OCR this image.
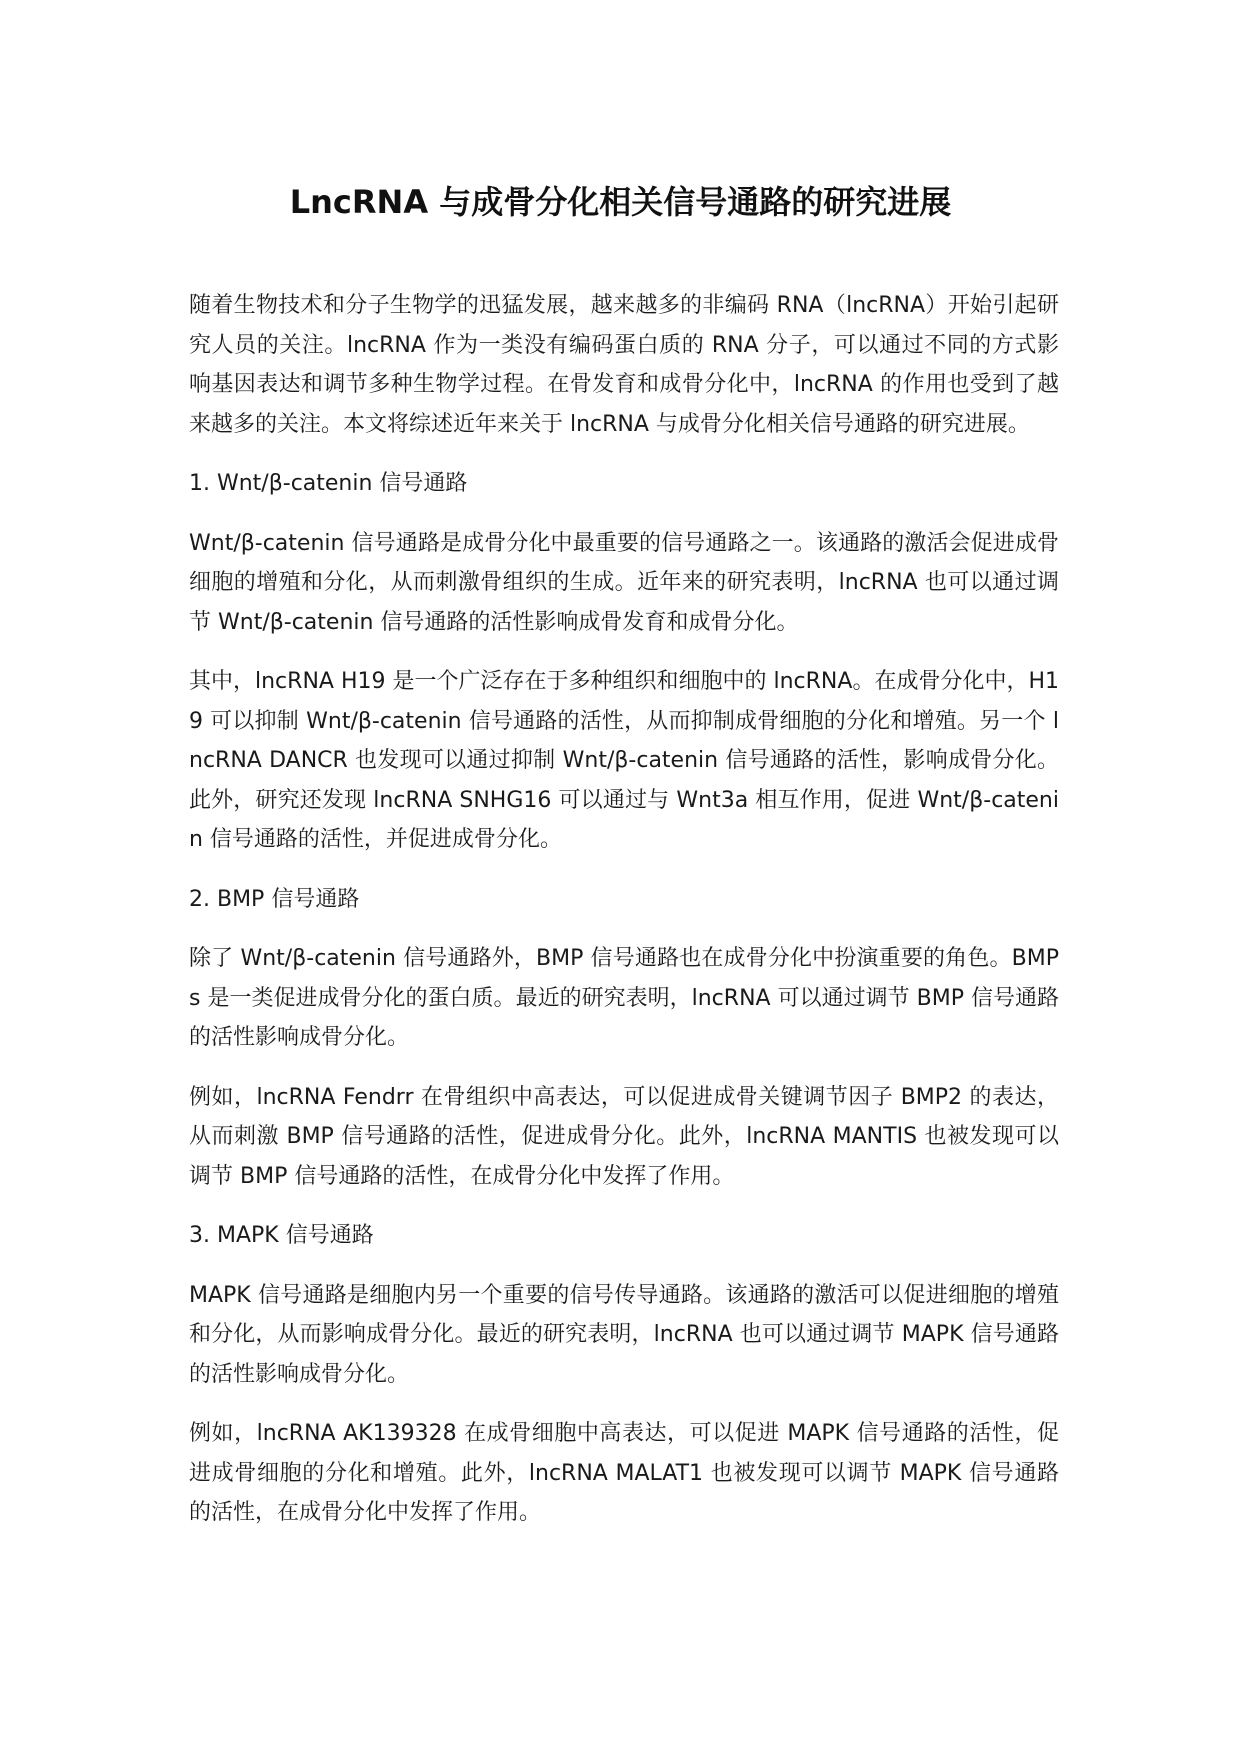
LncRNA 与成骨分化相关信号通路的研究进展

随着生物技术和分子生物学的迅猛发展，越来越多的非编码 RNA（lncRNA）开始引起研究人员的关注。lncRNA 作为一类没有编码蛋白质的 RNA 分子，可以通过不同的方式影响基因表达和调节多种生物学过程。在骨发育和成骨分化中，lncRNA 的作用也受到了越来越多的关注。本文将综述近年来关于 lncRNA 与成骨分化相关信号通路的研究进展。

1. Wnt/β-catenin 信号通路

Wnt/β-catenin 信号通路是成骨分化中最重要的信号通路之一。该通路的激活会促进成骨细胞的增殖和分化，从而刺激骨组织的生成。近年来的研究表明，lncRNA 也可以通过调节 Wnt/β-catenin 信号通路的活性影响成骨发育和成骨分化。

其中，lncRNA H19 是一个广泛存在于多种组织和细胞中的 lncRNA。在成骨分化中，H19 可以抑制 Wnt/β-catenin 信号通路的活性，从而抑制成骨细胞的分化和增殖。另一个 lncRNA DANCR 也发现可以通过抑制 Wnt/β-catenin 信号通路的活性，影响成骨分化。此外，研究还发现 lncRNA SNHG16 可以通过与 Wnt3a 相互作用，促进 Wnt/β-catenin 信号通路的活性，并促进成骨分化。

2. BMP 信号通路

除了 Wnt/β-catenin 信号通路外，BMP 信号通路也在成骨分化中扮演重要的角色。BMPs 是一类促进成骨分化的蛋白质。最近的研究表明，lncRNA 可以通过调节 BMP 信号通路的活性影响成骨分化。

例如，lncRNA Fendrr 在骨组织中高表达，可以促进成骨关键调节因子 BMP2 的表达，从而刺激 BMP 信号通路的活性，促进成骨分化。此外，lncRNA MANTIS 也被发现可以调节 BMP 信号通路的活性，在成骨分化中发挥了作用。

3. MAPK 信号通路

MAPK 信号通路是细胞内另一个重要的信号传导通路。该通路的激活可以促进细胞的增殖和分化，从而影响成骨分化。最近的研究表明，lncRNA 也可以通过调节 MAPK 信号通路的活性影响成骨分化。

例如，lncRNA AK139328 在成骨细胞中高表达，可以促进 MAPK 信号通路的活性，促进成骨细胞的分化和增殖。此外，lncRNA MALAT1 也被发现可以调节 MAPK 信号通路的活性，在成骨分化中发挥了作用。
